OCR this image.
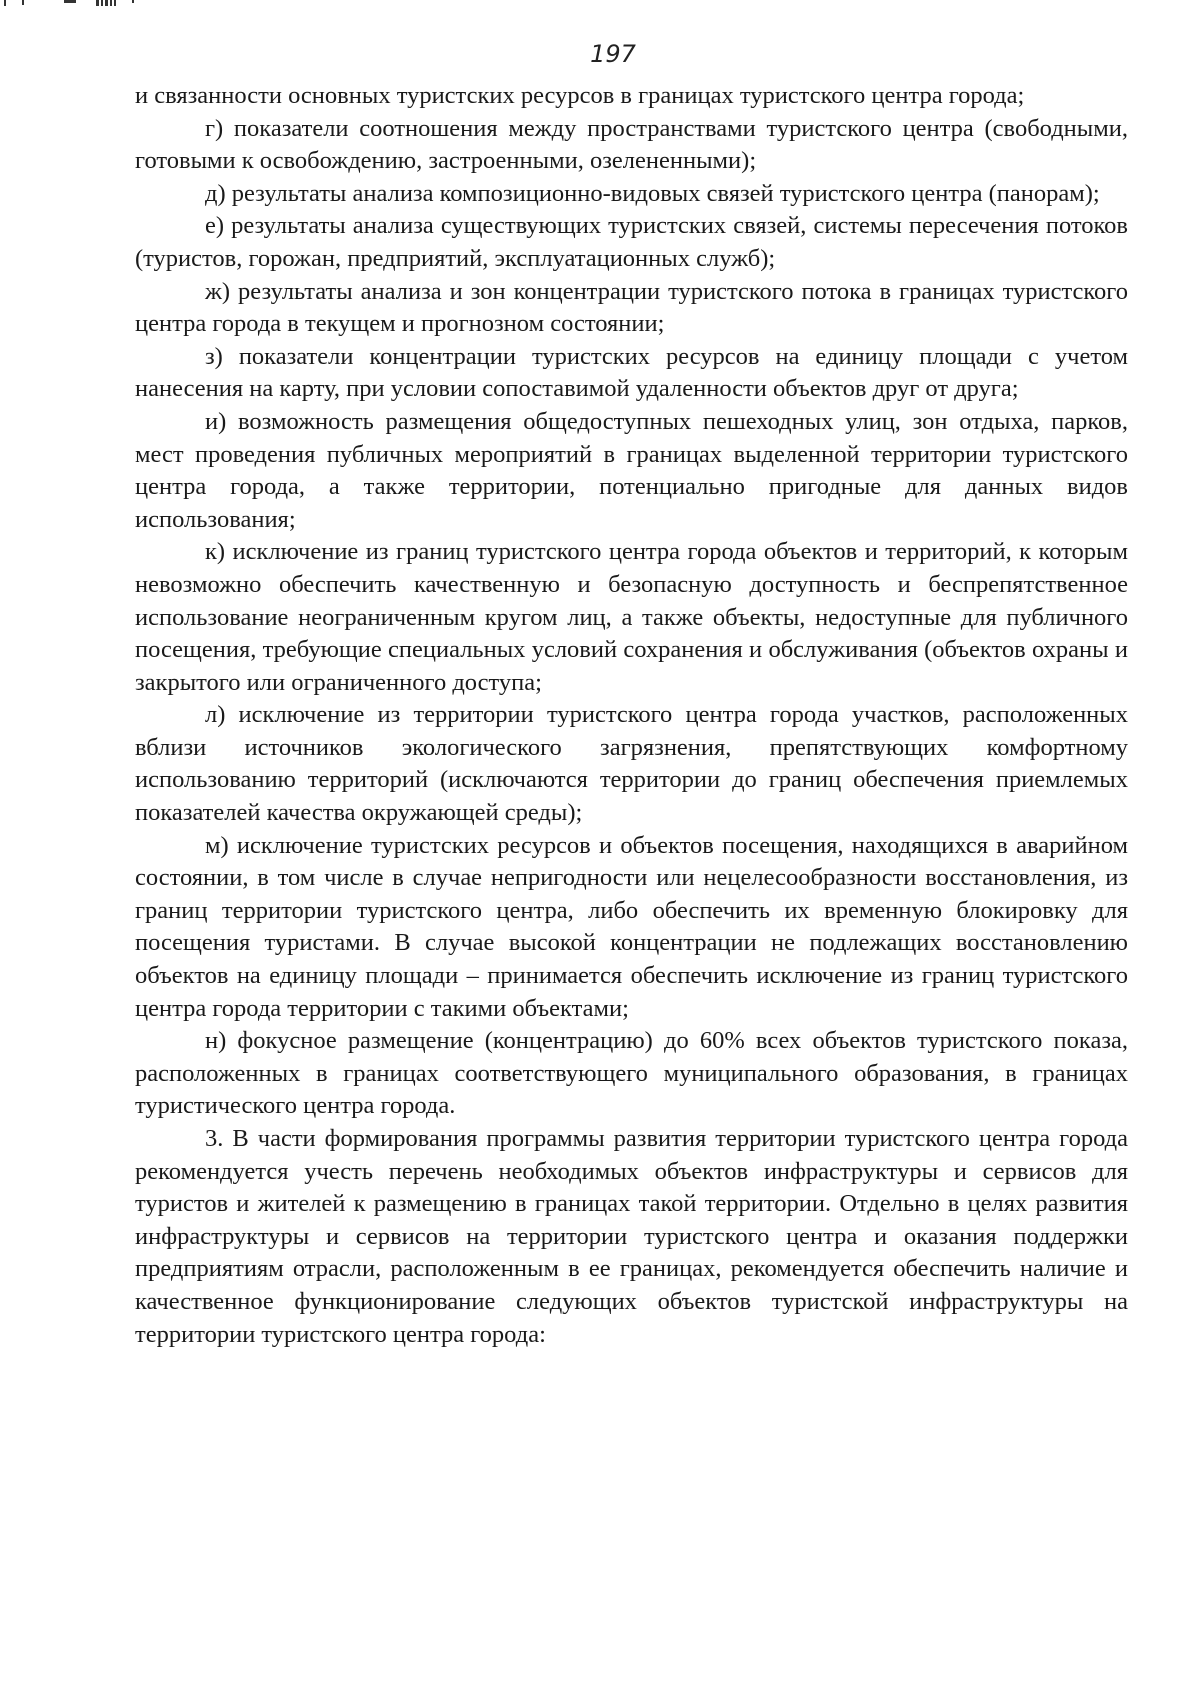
197

и связанности основных туристских ресурсов в границах туристского центра города;

г) показатели соотношения между пространствами туристского центра (свободными, готовыми к освобождению, застроенными, озелененными);

д) результаты анализа композиционно-видовых связей туристского центра (панорам);

е) результаты анализа существующих туристских связей, системы пересечения потоков (туристов, горожан, предприятий, эксплуатационных служб);

ж) результаты анализа и зон концентрации туристского потока в границах туристского центра города в текущем и прогнозном состоянии;

з) показатели концентрации туристских ресурсов на единицу площади с учетом нанесения на карту, при условии сопоставимой удаленности объектов друг от друга;

и) возможность размещения общедоступных пешеходных улиц, зон отдыха, парков, мест проведения публичных мероприятий в границах выделенной территории туристского центра города, а также территории, потенциально пригодные для данных видов использования;

к) исключение из границ туристского центра города объектов и территорий, к которым невозможно обеспечить качественную и безопасную доступность и беспрепятственное использование неограниченным кругом лиц, а также объекты, недоступные для публичного посещения, требующие специальных условий сохранения и обслуживания (объектов охраны и закрытого или ограниченного доступа;

л) исключение из территории туристского центра города участков, расположенных вблизи источников экологического загрязнения, препятствующих комфортному использованию территорий (исключаются территории до границ обеспечения приемлемых показателей качества окружающей среды);

м) исключение туристских ресурсов и объектов посещения, находящихся в аварийном состоянии, в том числе в случае непригодности или нецелесообразности восстановления, из границ территории туристского центра, либо обеспечить их временную блокировку для посещения туристами. В случае высокой концентрации не подлежащих восстановлению объектов на единицу площади – принимается обеспечить исключение из границ туристского центра города территории с такими объектами;

н) фокусное размещение (концентрацию) до 60% всех объектов туристского показа, расположенных в границах соответствующего муниципального образования, в границах туристического центра города.

3. В части формирования программы развития территории туристского центра города рекомендуется учесть перечень необходимых объектов инфраструктуры и сервисов для туристов и жителей к размещению в границах такой территории. Отдельно в целях развития инфраструктуры и сервисов на территории туристского центра и оказания поддержки предприятиям отрасли, расположенным в ее границах, рекомендуется обеспечить наличие и качественное функционирование следующих объектов туристской инфраструктуры на территории туристского центра города:
